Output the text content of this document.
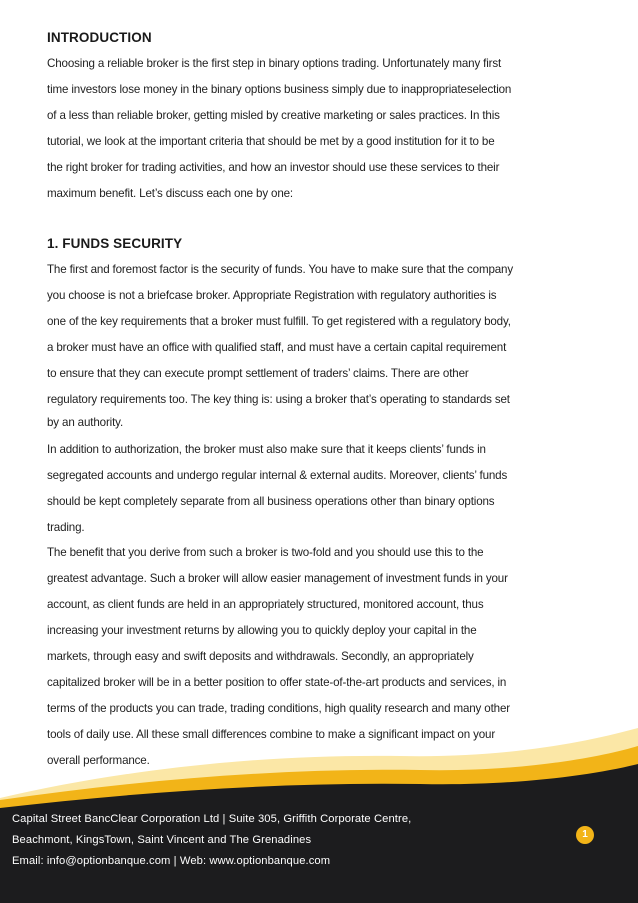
INTRODUCTION
Choosing a reliable broker is the first step in binary options trading. Unfortunately many first
time investors lose money in the binary options business simply due to inappropriateselection
of a less than reliable broker, getting misled by creative marketing or sales practices. In this
tutorial, we look at the important criteria that should be met by a good institution for it to be
the right broker for trading activities, and how an investor should use these services to their
maximum benefit. Let’s discuss each one by one:
1. FUNDS SECURITY
The first and foremost factor is the security of funds. You have to make sure that the company
you choose is not a briefcase broker. Appropriate Registration with regulatory authorities is
one of the key requirements that a broker must fulfill. To get registered with a regulatory body,
a broker must have an office with qualified staff, and must have a certain capital requirement
to ensure that they can execute prompt settlement of traders’ claims. There are other
regulatory requirements too. The key thing is: using a broker that’s operating to standards set
by an authority.
In addition to authorization, the broker must also make sure that it keeps clients’ funds in
segregated accounts and undergo regular internal & external audits. Moreover, clients’ funds
should be kept completely separate from all business operations other than binary options
trading.
The benefit that you derive from such a broker is two-fold and you should use this to the
greatest advantage. Such a broker will allow easier management of investment funds in your
account, as client funds are held in an appropriately structured, monitored account, thus
increasing your investment returns by allowing you to quickly deploy your capital in the
markets, through easy and swift deposits and withdrawals. Secondly, an appropriately
capitalized broker will be in a better position to offer state-of-the-art products and services, in
terms of the products you can trade, trading conditions, high quality research and many other
tools of daily use. All these small differences combine to make a significant impact on your
overall performance.
Capital Street BancClear Corporation Ltd | Suite 305, Griffith Corporate Centre,
Beachmont, KingsTown, Saint Vincent and The Grenadines
Email: info@optionbanque.com | Web: www.optionbanque.com
1
